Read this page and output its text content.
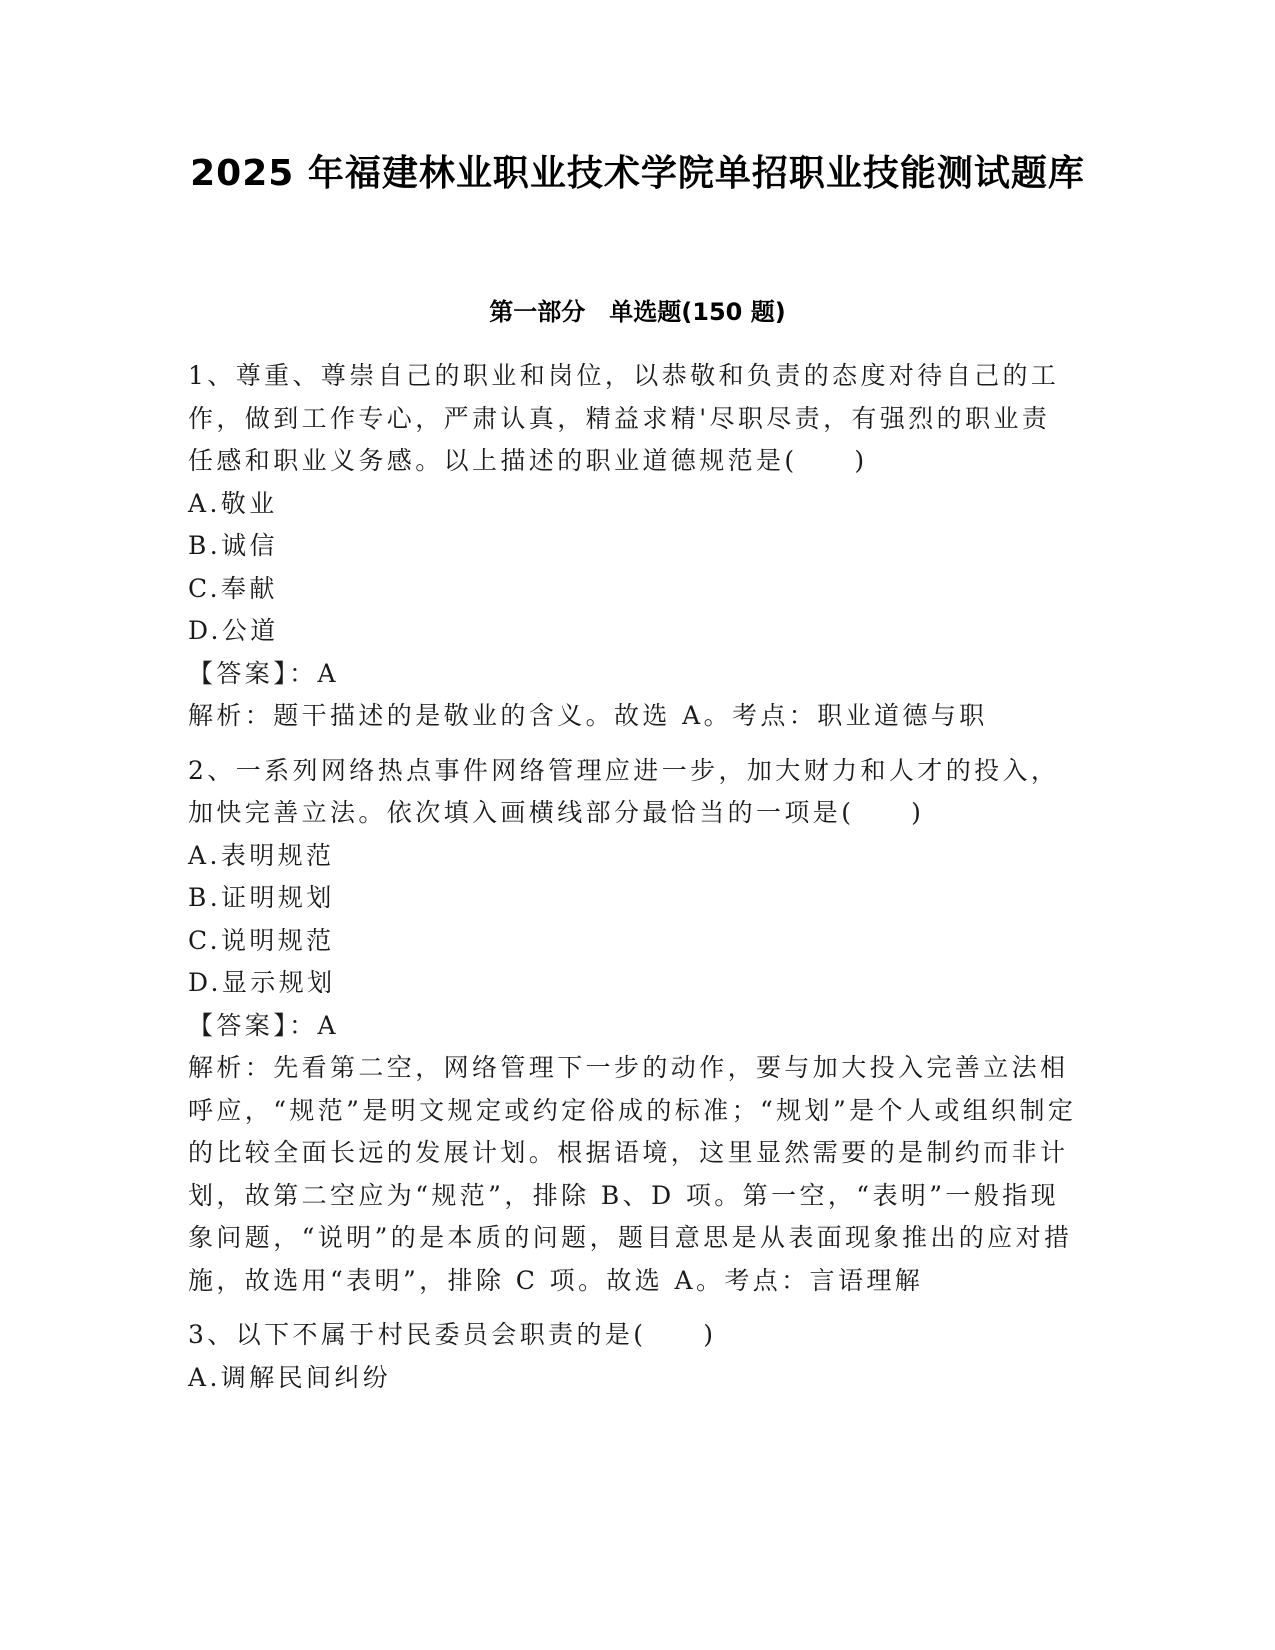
2025 年福建林业职业技术学院单招职业技能测试题库
第一部分　单选题(150 题)
1、尊重、尊崇自己的职业和岗位，以恭敬和负责的态度对待自己的工作，做到工作专心，严肃认真，精益求精'尽职尽责，有强烈的职业责任感和职业义务感。以上描述的职业道德规范是(　　)
A.敬业
B.诚信
C.奉献
D.公道
【答案】：A
解析：题干描述的是敬业的含义。故选 A。考点：职业道德与职
2、一系列网络热点事件网络管理应进一步，加大财力和人才的投入，加快完善立法。依次填入画横线部分最恰当的一项是(　　)
A.表明规范
B.证明规划
C.说明规范
D.显示规划
【答案】：A
解析：先看第二空，网络管理下一步的动作，要与加大投入完善立法相呼应，“规范”是明文规定或约定俗成的标准；“规划”是个人或组织制定的比较全面长远的发展计划。根据语境，这里显然需要的是制约而非计划，故第二空应为“规范”，排除 B、D 项。第一空，“表明”一般指现象问题，“说明”的是本质的问题，题目意思是从表面现象推出的应对措施，故选用“表明”，排除 C 项。故选 A。考点：言语理解
3、以下不属于村民委员会职责的是(　　)
A.调解民间纠纷
